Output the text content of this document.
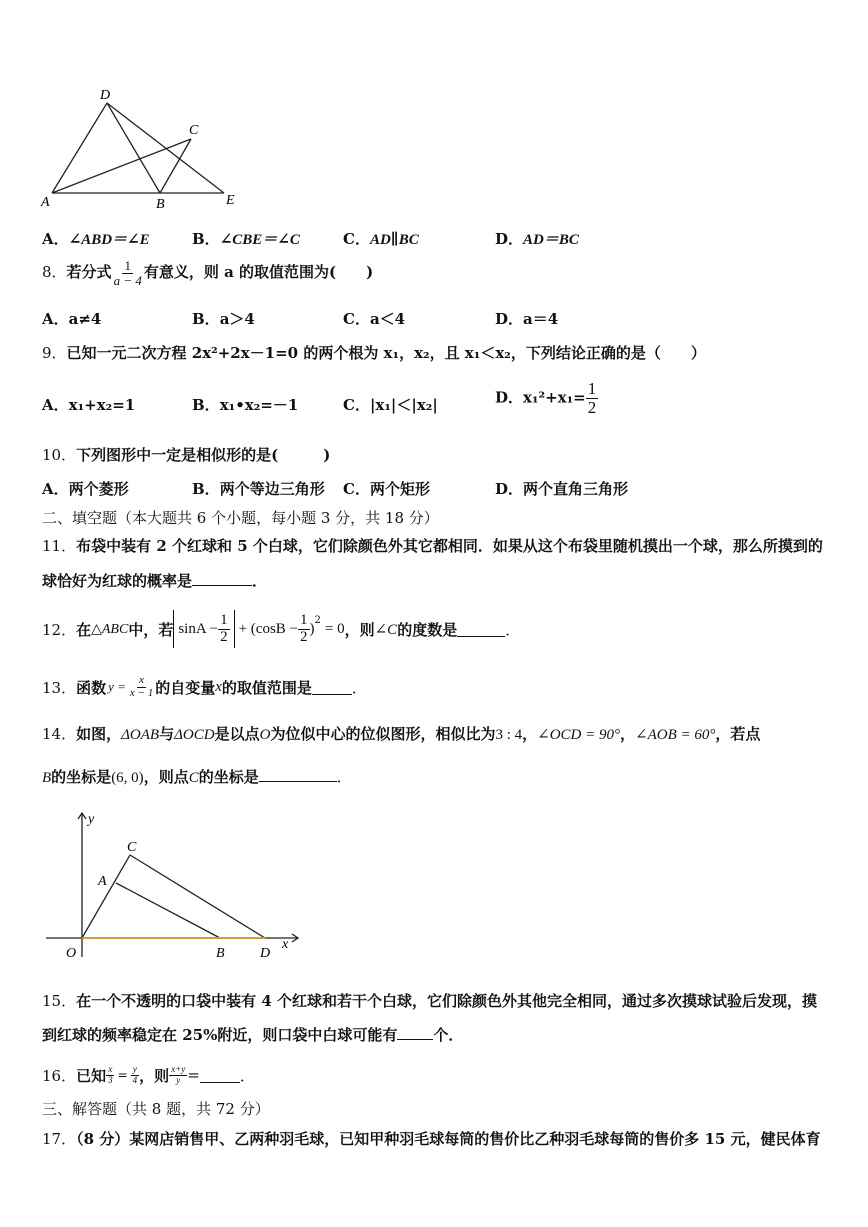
D
C
A	B	E
A．∠ABD＝∠E	B．∠CBE＝∠C	C．AD∥BC	D．AD＝BC
8．若分式 $\frac{1}{a - 4}$ 有意义，则 a 的取值范围为(　　)
A．a≠4	B．a＞4	C．a＜4	D．a＝4
9．已知一元二次方程 2x²+2x－1=0 的两个根为 x₁，x₂，且 x₁＜x₂，下列结论正确的是（　　）
A．x₁+x₂=1	B．x₁•x₂=－1	C．|x₁|＜|x₂|	D．$x_1^2+x_1= \frac{1}{2}$
10．下列图形中一定是相似形的是(　　　)
A．两个菱形	B．两个等边三角形 C．两个矩形	D．两个直角三角形
二、填空题（本大题共 6 个小题，每小题 3 分，共 18 分）
11．布袋中装有 2 个红球和 5 个白球，它们除颜色外其它都相同．如果从这个布袋里随机摸出一个球，那么所摸到的
球恰好为红球的概率是	．
12． 在 △ABC 中，若 $\sin A - \frac{1}{2} + (\cos B - \frac{1}{2} )^2 = 0$ ，则 ∠C 的度数是	．
13． 函数 $y = \frac{x}{x - 1}$ 的自变量 x 的取值范围是	．
14．如图，ΔOAB与ΔOCD是以点O为位似中心的位似图形，相似比为3 : 4，∠OCD = 90°，∠AOB = 60°，若点
B的坐标是(6, 0)，则点C的坐标是	．
y
x
O
A
C
B	D
15．在一个不透明的口袋中装有 4 个红球和若干个白球，它们除颜色外其他完全相同，通过多次摸球试验后发现，摸
到红球的频率稳定在 25%附近，则口袋中白球可能有 个．
16． 已知 $\frac{x}{3} = \frac{y}{4}$ ，则 $\frac{x+y}{y}$ =	．
三、解答题（共 8 题，共 72 分）
17．（8 分）某网店销售甲、乙两种羽毛球，已知甲种羽毛球每筒的售价比乙种羽毛球每筒的售价多 15 元，健民体育
